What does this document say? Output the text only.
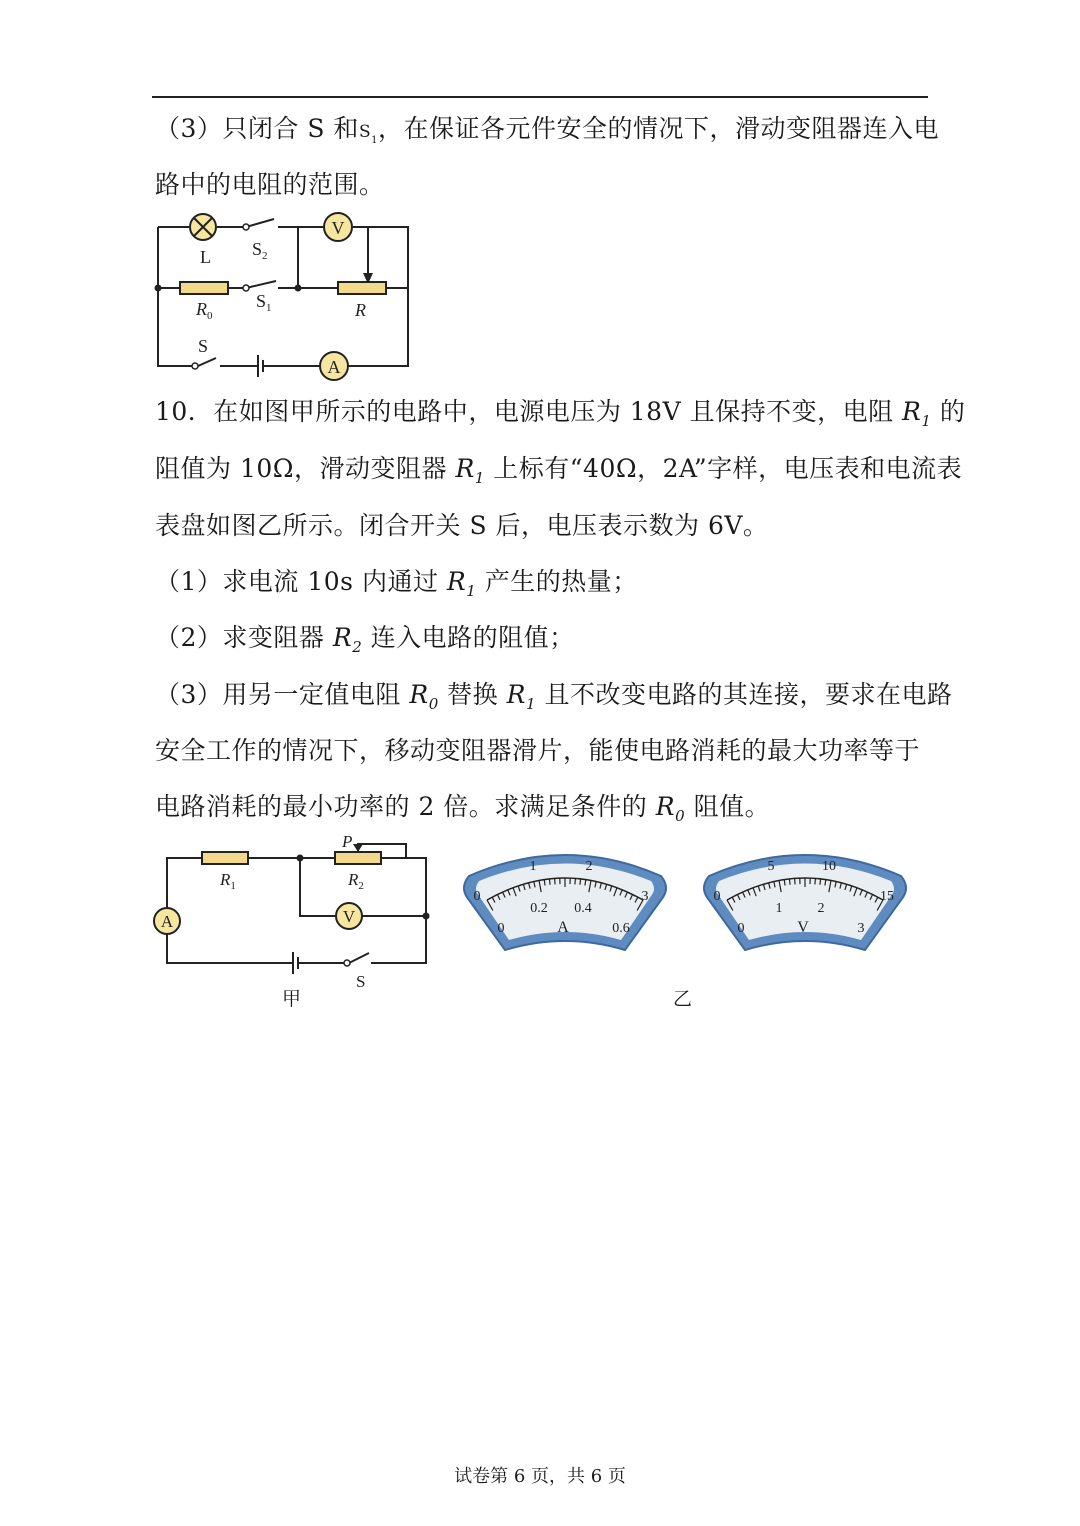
（3）只闭合 S 和$S_1$，在保证各元件安全的情况下，滑动变阻器连入电
路中的电阻的范围。
V
A
L $S_2$
$R_0$
$S_1$	R
S
10．在如图甲所示的电路中，电源电压为 18V 且保持不变，电阻 $R_1$ 的
阻值为 10Ω，滑动变阻器 $R_1$ 上标有“40Ω，2A”字样，电压表和电流表
表盘如图乙所示。闭合开关 S 后，电压表示数为 6V。
（1）求电流 10s 内通过 $R_1$ 产生的热量；
（2）求变阻器 $R_2$ 连入电路的阻值；
（3）用另一定值电阻 $R_0$ 替换 $R_1$ 且不改变电路的其连接，要求在电路
安全工作的情况下，移动变阻器滑片，能使电路消耗的最大功率等于
电路消耗的最小功率的 2 倍。求满足条件的 $R_0$ 阻值。
V
A
$R_1$
P
$R_2$
S
甲
0
1	2
3
0
0.2 0.4
0.6
A
0
5	10
15
0
1	2
3
V
乙
试卷第 6 页，共 6 页
